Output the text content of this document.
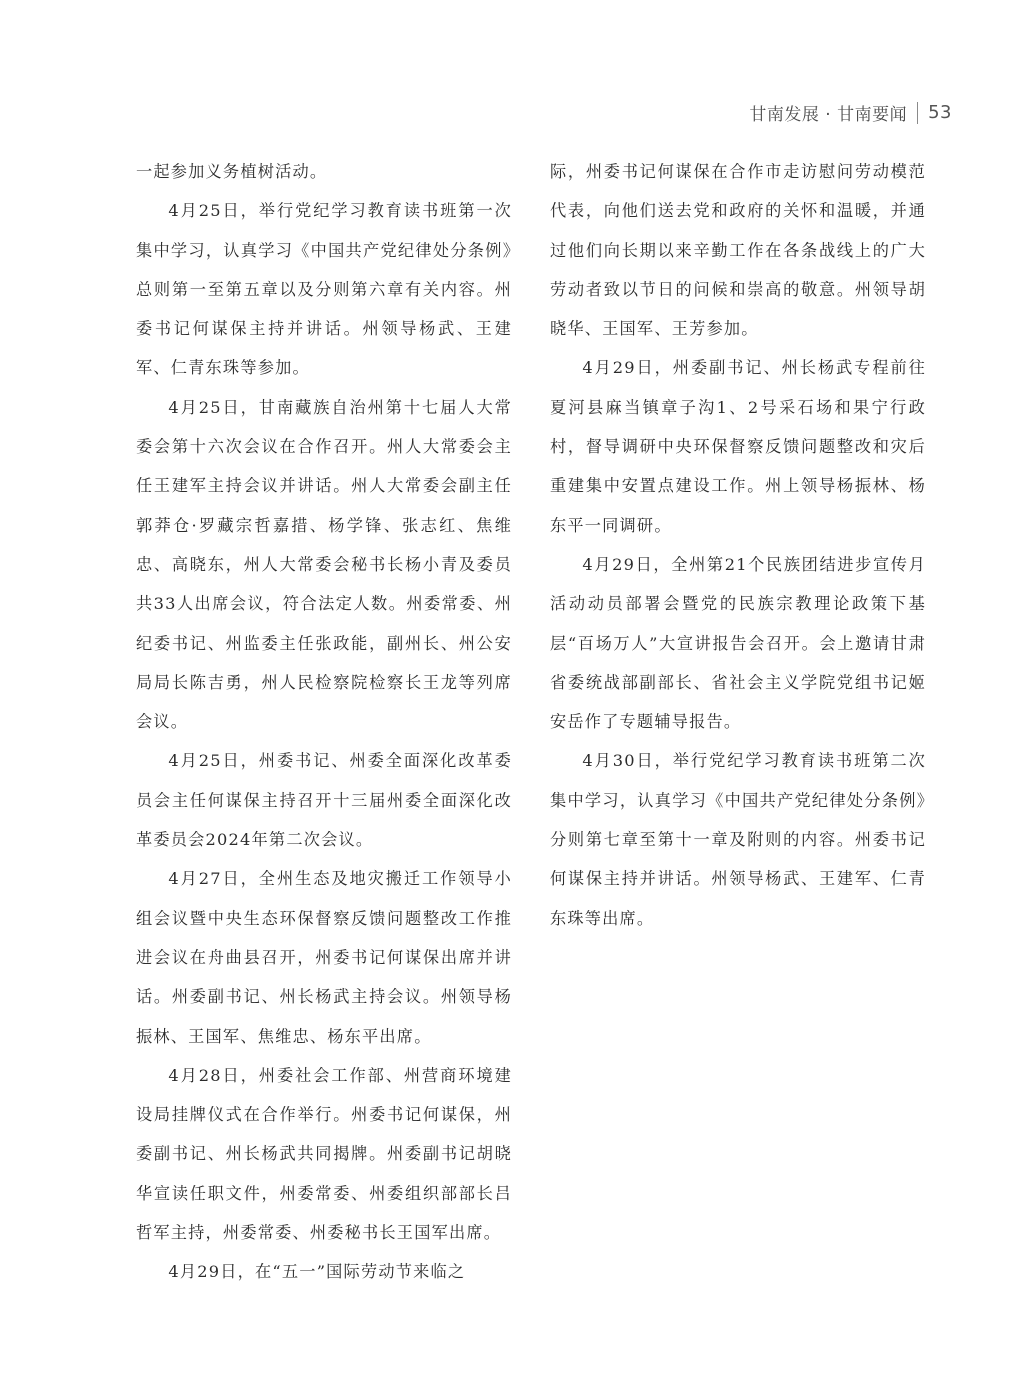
甘南发展 · 甘南要闻 53

一起参加义务植树活动。

4月25日，举行党纪学习教育读书班第一次集中学习，认真学习《中国共产党纪律处分条例》总则第一至第五章以及分则第六章有关内容。州委书记何谋保主持并讲话。州领导杨武、王建军、仁青东珠等参加。

4月25日，甘南藏族自治州第十七届人大常委会第十六次会议在合作召开。州人大常委会主任王建军主持会议并讲话。州人大常委会副主任郭莽仓·罗藏宗哲嘉措、杨学锋、张志红、焦维忠、高晓东，州人大常委会秘书长杨小青及委员共33人出席会议，符合法定人数。州委常委、州纪委书记、州监委主任张政能，副州长、州公安局局长陈吉勇，州人民检察院检察长王龙等列席会议。

4月25日，州委书记、州委全面深化改革委员会主任何谋保主持召开十三届州委全面深化改革委员会2024年第二次会议。

4月27日，全州生态及地灾搬迁工作领导小组会议暨中央生态环保督察反馈问题整改工作推进会议在舟曲县召开，州委书记何谋保出席并讲话。州委副书记、州长杨武主持会议。州领导杨振林、王国军、焦维忠、杨东平出席。

4月28日，州委社会工作部、州营商环境建设局挂牌仪式在合作举行。州委书记何谋保，州委副书记、州长杨武共同揭牌。州委副书记胡晓华宣读任职文件，州委常委、州委组织部部长吕哲军主持，州委常委、州委秘书长王国军出席。

4月29日，在“五一”国际劳动节来临之

际，州委书记何谋保在合作市走访慰问劳动模范代表，向他们送去党和政府的关怀和温暖，并通过他们向长期以来辛勤工作在各条战线上的广大劳动者致以节日的问候和崇高的敬意。州领导胡晓华、王国军、王芳参加。

4月29日，州委副书记、州长杨武专程前往夏河县麻当镇章子沟1、2号采石场和果宁行政村，督导调研中央环保督察反馈问题整改和灾后重建集中安置点建设工作。州上领导杨振林、杨东平一同调研。

4月29日，全州第21个民族团结进步宣传月活动动员部署会暨党的民族宗教理论政策下基层“百场万人”大宣讲报告会召开。会上邀请甘肃省委统战部副部长、省社会主义学院党组书记姬安岳作了专题辅导报告。

4月30日，举行党纪学习教育读书班第二次集中学习，认真学习《中国共产党纪律处分条例》分则第七章至第十一章及附则的内容。州委书记何谋保主持并讲话。州领导杨武、王建军、仁青东珠等出席。
